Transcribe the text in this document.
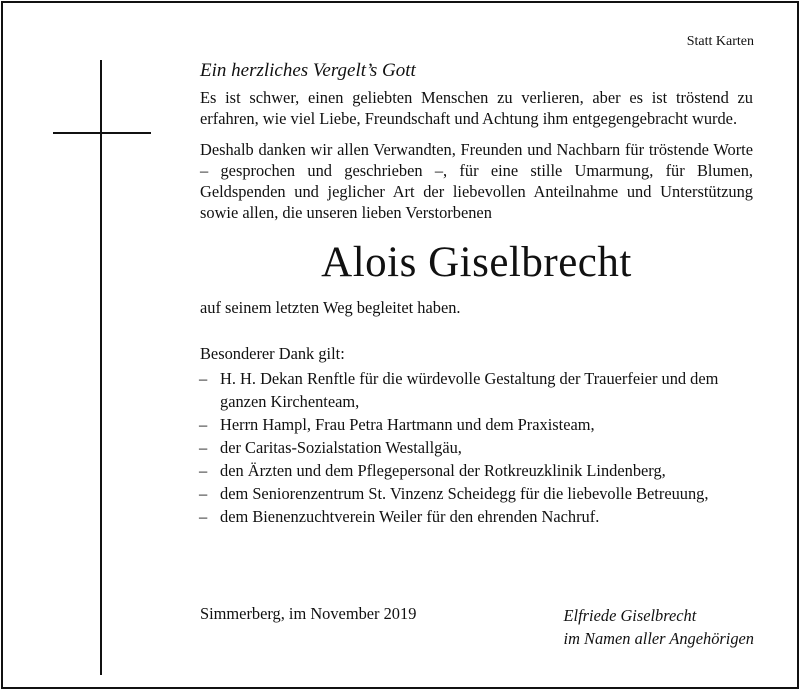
Statt Karten

Ein herzliches Vergelt’s Gott

Es ist schwer, einen geliebten Menschen zu verlieren, aber es ist tröstend zu erfahren, wie viel Liebe, Freundschaft und Achtung ihm entgegengebracht wurde.

Deshalb danken wir allen Verwandten, Freunden und Nachbarn für tröstende Worte – gesprochen und geschrieben –, für eine stille Umarmung, für Blumen, Geldspenden und jeglicher Art der liebevollen Anteilnahme und Unterstützung sowie allen, die unseren lieben Verstorbenen

Alois Giselbrecht

auf seinem letzten Weg begleitet haben.

Besonderer Dank gilt:

– H. H. Dekan Renftle für die würdevolle Gestaltung der Trauerfeier und dem ganzen Kirchenteam,
– Herrn Hampl, Frau Petra Hartmann und dem Praxisteam,
– der Caritas-Sozialstation Westallgäu,
– den Ärzten und dem Pflegepersonal der Rotkreuzklinik Lindenberg,
– dem Seniorenzentrum St. Vinzenz Scheidegg für die liebevolle Betreuung,
– dem Bienenzuchtverein Weiler für den ehrenden Nachruf.
Simmerberg, im November 2019	Elfriede Giselbrecht
im Namen aller Angehörigen
